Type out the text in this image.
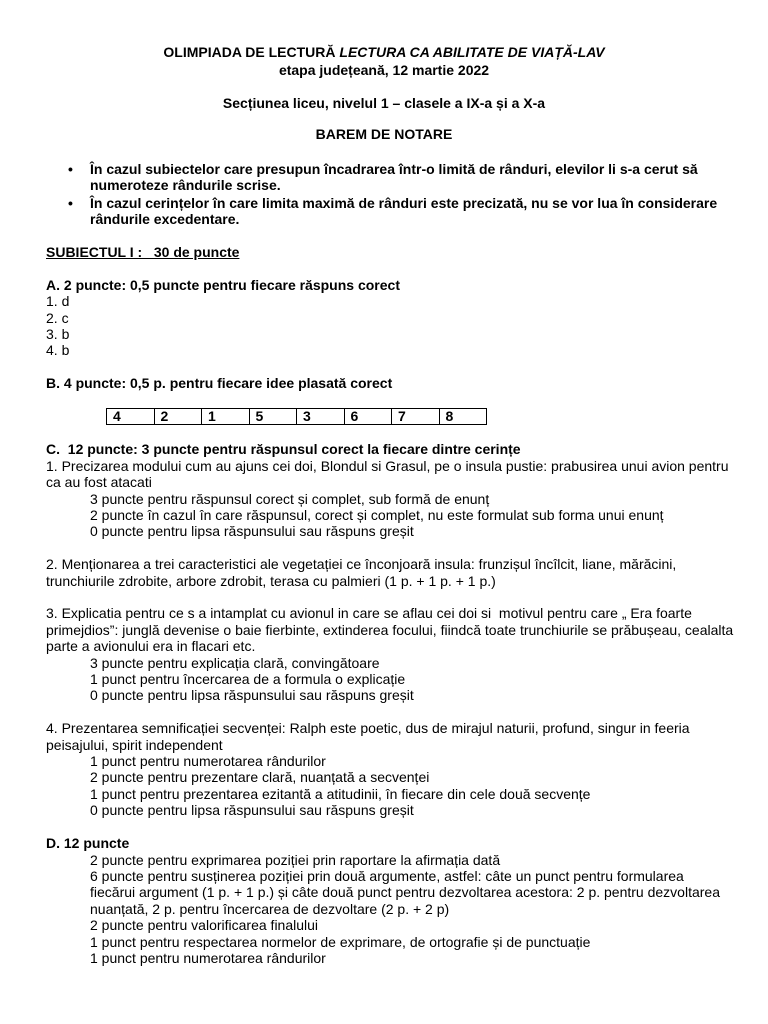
OLIMPIADA DE LECTURĂ LECTURA CA ABILITATE DE VIAȚĂ-LAV
etapa județeană, 12 martie 2022
Secțiunea liceu, nivelul 1 – clasele a IX-a și a X-a
BAREM DE NOTARE
•
În cazul subiectelor care presupun încadrarea într-o limită de rânduri, elevilor li s-a cerut să
numeroteze rândurile scrise.
•
În cazul cerințelor în care limita maximă de rânduri este precizată, nu se vor lua în considerare
rândurile excedentare.
SUBIECTUL I :   30 de puncte
A. 2 puncte: 0,5 puncte pentru fiecare răspuns corect
1. d
2. c
3. b
4. b
B. 4 puncte: 0,5 p. pentru fiecare idee plasată corect
4	2	1	5	3	6	7	8
C.  12 puncte: 3 puncte pentru răspunsul corect la fiecare dintre cerințe
1. Precizarea modului cum au ajuns cei doi, Blondul si Grasul, pe o insula pustie: prabusirea unui avion pentru
ca au fost atacati
3 puncte pentru răspunsul corect și complet, sub formă de enunț
2 puncte în cazul în care răspunsul, corect și complet, nu este formulat sub forma unui enunț
0 puncte pentru lipsa răspunsului sau răspuns greșit
2. Menționarea a trei caracteristici ale vegetației ce înconjoară insula: frunzișul încîlcit, liane, mărăcini,
trunchiurile zdrobite, arbore zdrobit, terasa cu palmieri (1 p. + 1 p. + 1 p.)
3. Explicatia pentru ce s a intamplat cu avionul in care se aflau cei doi si  motivul pentru care „ Era foarte
primejdios”: junglă devenise o baie fierbinte, extinderea focului, fiindcă toate trunchiurile se prăbușeau, cealalta
parte a avionului era in flacari etc.
3 puncte pentru explicația clară, convingătoare
1 punct pentru încercarea de a formula o explicație
0 puncte pentru lipsa răspunsului sau răspuns greșit
4. Prezentarea semnificației secvenței: Ralph este poetic, dus de mirajul naturii, profund, singur in feeria
peisajului, spirit independent
1 punct pentru numerotarea rândurilor
2 puncte pentru prezentare clară, nuanțată a secvenței
1 punct pentru prezentarea ezitantă a atitudinii, în fiecare din cele două secvențe
0 puncte pentru lipsa răspunsului sau răspuns greșit
D. 12 puncte
2 puncte pentru exprimarea poziției prin raportare la afirmația dată
6 puncte pentru susținerea poziției prin două argumente, astfel: câte un punct pentru formularea
fiecărui argument (1 p. + 1 p.) și câte două punct pentru dezvoltarea acestora: 2 p. pentru dezvoltarea
nuanțată, 2 p. pentru încercarea de dezvoltare (2 p. + 2 p)
2 puncte pentru valorificarea finalului
1 punct pentru respectarea normelor de exprimare, de ortografie și de punctuație
1 punct pentru numerotarea rândurilor
